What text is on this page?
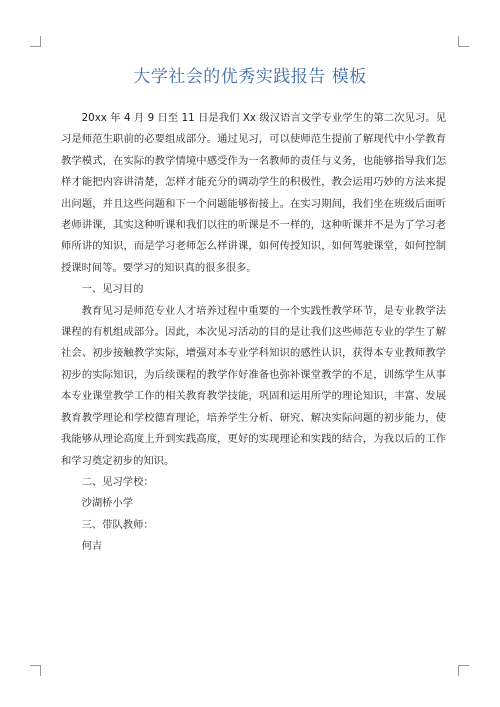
大学社会的优秀实践报告 模板

20xx 年 4 月 9 日至 11 日是我们 Xx 级汉语言文学专业学生的第二次见习。见习是师范生职前的必要组成部分。通过见习，可以使师范生提前了解现代中小学教育教学模式，在实际的教学情境中感受作为一名教师的责任与义务，也能够指导我们怎样才能把内容讲清楚，怎样才能充分的调动学生的积极性，教会运用巧妙的方法来提出问题，并且这些问题和下一个问题能够衔接上。在实习期间，我们坐在班级后面听老师讲课，其实这种听课和我们以往的听课是不一样的，这种听课并不是为了学习老师所讲的知识，而是学习老师怎么样讲课，如何传授知识，如何驾驶课堂，如何控制授课时间等。要学习的知识真的很多很多。

一、见习目的

教育见习是师范专业人才培养过程中重要的一个实践性教学环节，是专业教学法课程的有机组成部分。因此，本次见习活动的目的是让我们这些师范专业的学生了解社会、初步接触教学实际，增强对本专业学科知识的感性认识，获得本专业教师教学初步的实际知识，为后续课程的教学作好准备也弥补课堂教学的不足，训练学生从事本专业课堂教学工作的相关教育教学技能，巩固和运用所学的理论知识，丰富、发展教育教学理论和学校德育理论，培养学生分析、研究、解决实际问题的初步能力，使我能够从理论高度上升到实践高度，更好的实现理论和实践的结合，为我以后的工作和学习奠定初步的知识。

二、见习学校：

沙湖桥小学

三、带队教师：

何吉
